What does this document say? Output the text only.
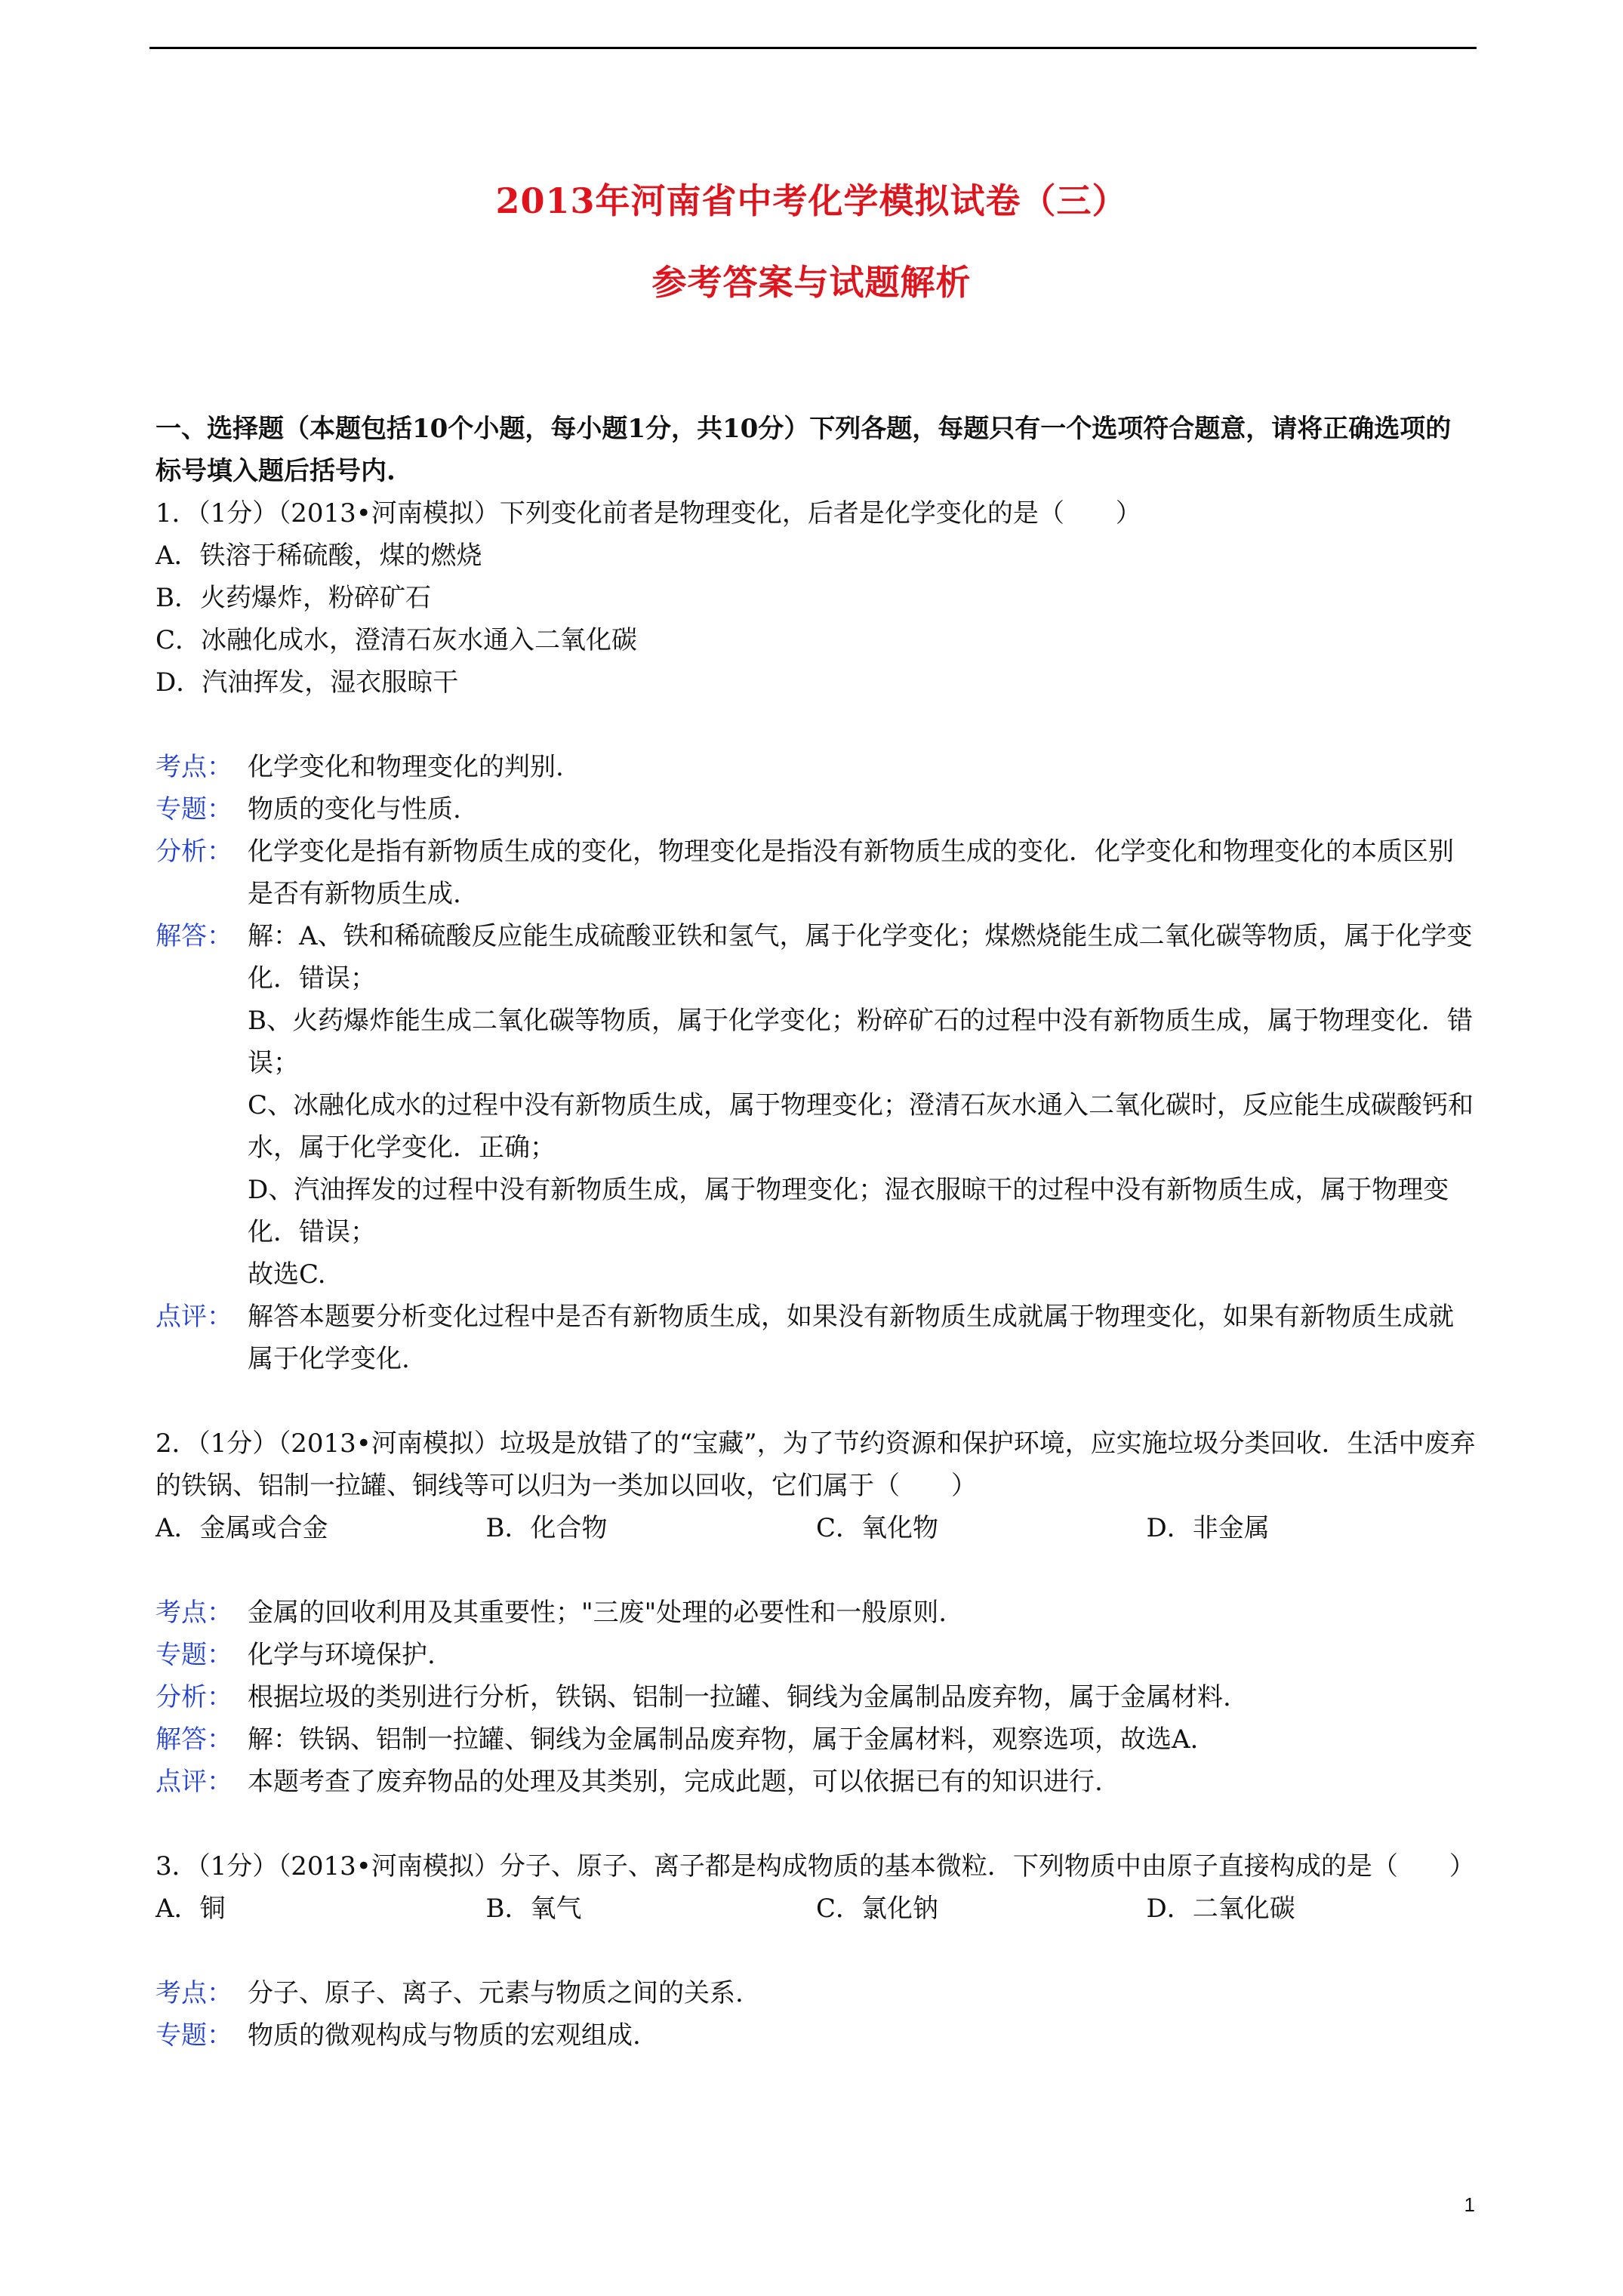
2013年河南省中考化学模拟试卷（三）
参考答案与试题解析

一、选择题（本题包括10个小题，每小题1分，共10分）下列各题，每题只有一个选项符合题意，请将正确选项的标号填入题后括号内.

1．（1分）（2013•河南模拟）下列变化前者是物理变化，后者是化学变化的是（　　）

A．铁溶于稀硫酸，煤的燃烧

B．火药爆炸，粉碎矿石

C．冰融化成水，澄清石灰水通入二氧化碳

D．汽油挥发，湿衣服晾干

考点： 化学变化和物理变化的判别.
专题： 物质的变化与性质.
分析： 化学变化是指有新物质生成的变化，物理变化是指没有新物质生成的变化．化学变化和物理变化的本质区别是否有新物质生成.
解答： 解：A、铁和稀硫酸反应能生成硫酸亚铁和氢气，属于化学变化；煤燃烧能生成二氧化碳等物质，属于化学变化．错误；
B、火药爆炸能生成二氧化碳等物质，属于化学变化；粉碎矿石的过程中没有新物质生成，属于物理变化．错误；
C、冰融化成水的过程中没有新物质生成，属于物理变化；澄清石灰水通入二氧化碳时，反应能生成碳酸钙和水，属于化学变化．正确；
D、汽油挥发的过程中没有新物质生成，属于物理变化；湿衣服晾干的过程中没有新物质生成，属于物理变化．错误；
故选C.
点评： 解答本题要分析变化过程中是否有新物质生成，如果没有新物质生成就属于物理变化，如果有新物质生成就属于化学变化.

2．（1分）（2013•河南模拟）垃圾是放错了的“宝藏”，为了节约资源和保护环境，应实施垃圾分类回收．生活中废弃的铁锅、铝制一拉罐、铜线等可以归为一类加以回收，它们属于（　　）

A．金属或合金	B．化合物	C．氧化物	D．非金属
考点： 金属的回收利用及其重要性；"三废"处理的必要性和一般原则.
专题： 化学与环境保护.
分析： 根据垃圾的类别进行分析，铁锅、铝制一拉罐、铜线为金属制品废弃物，属于金属材料.
解答： 解：铁锅、铝制一拉罐、铜线为金属制品废弃物，属于金属材料，观察选项，故选A.
点评： 本题考查了废弃物品的处理及其类别，完成此题，可以依据已有的知识进行.

3．（1分）（2013•河南模拟）分子、原子、离子都是构成物质的基本微粒．下列物质中由原子直接构成的是（　　）

A．铜	B．氧气	C．氯化钠	D．二氧化碳
考点： 分子、原子、离子、元素与物质之间的关系.
专题： 物质的微观构成与物质的宏观组成.
1
